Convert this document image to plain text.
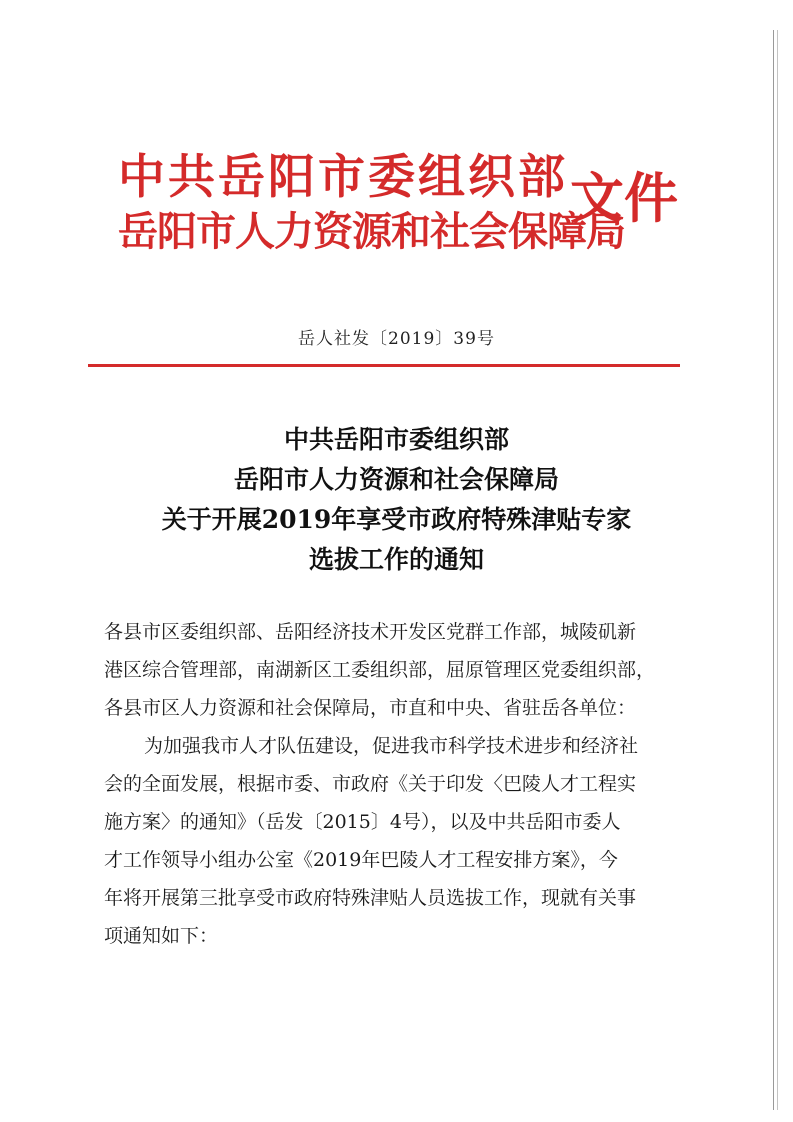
中共岳阳市委组织部
岳阳市人力资源和社会保障局
文件
岳人社发〔2019〕39号
中共岳阳市委组织部
岳阳市人力资源和社会保障局
关于开展2019年享受市政府特殊津贴专家
选拔工作的通知
各县市区委组织部、岳阳经济技术开发区党群工作部，城陵矶新
港区综合管理部，南湖新区工委组织部，屈原管理区党委组织部，
各县市区人力资源和社会保障局，市直和中央、省驻岳各单位：
为加强我市人才队伍建设，促进我市科学技术进步和经济社
会的全面发展，根据市委、市政府《关于印发〈巴陵人才工程实
施方案〉的通知》（岳发〔2015〕4号），以及中共岳阳市委人
才工作领导小组办公室《2019年巴陵人才工程安排方案》，今
年将开展第三批享受市政府特殊津贴人员选拔工作，现就有关事
项通知如下：
